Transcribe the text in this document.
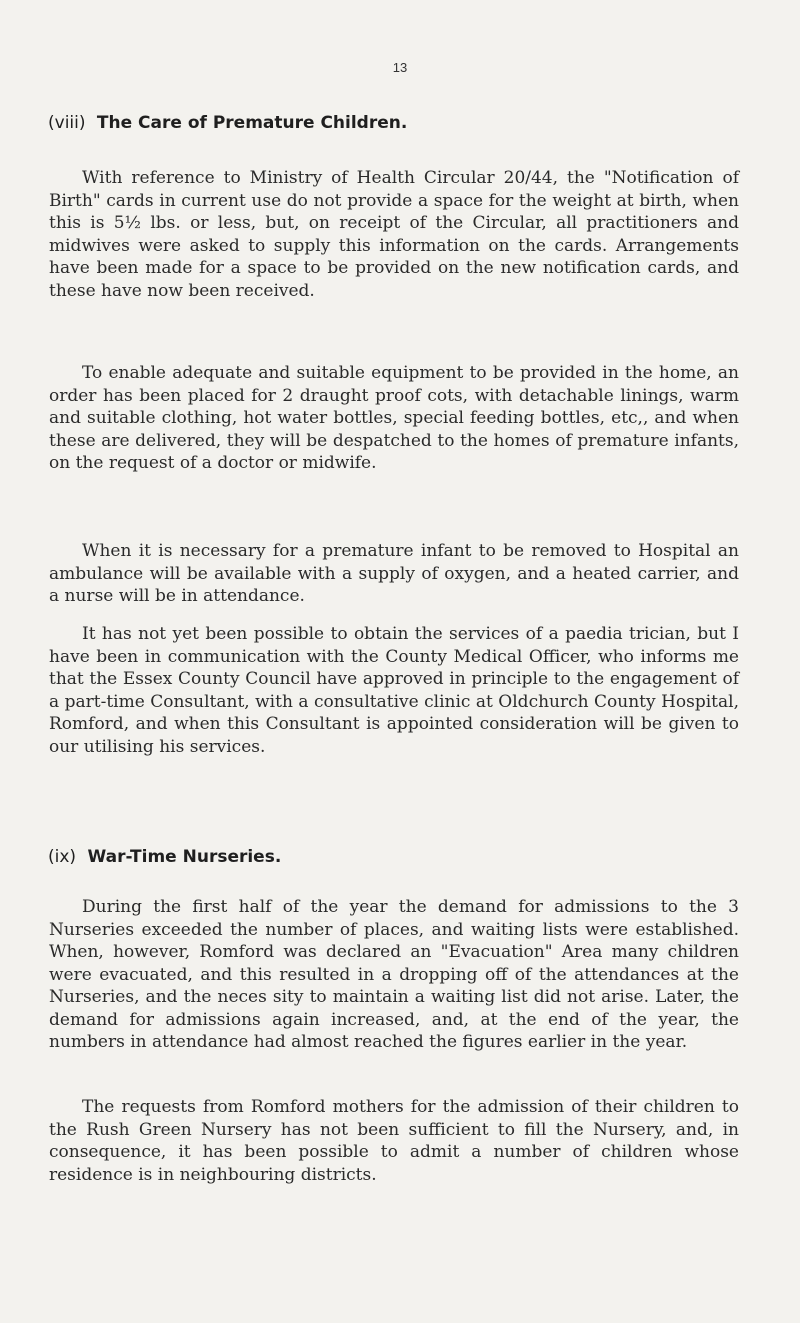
13
(viii) The Care of Premature Children.

With reference to Ministry of Health Circular 20/44, the "Notification of Birth" cards in current use do not provide a space for the weight at birth, when this is 5½ lbs. or less, but, on receipt of the Circular, all practitioners and midwives were asked to supply this information on the cards. Arrangements have been made for a space to be provided on the new notification cards, and these have now been received.

To enable adequate and suitable equipment to be provided in the home, an order has been placed for 2 draught proof cots, with detachable linings, warm and suitable clothing, hot water bottles, special feeding bottles, etc,, and when these are delivered, they will be despatched to the homes of premature infants, on the request of a doctor or midwife.

When it is necessary for a premature infant to be removed to Hospital an ambulance will be available with a supply of oxygen, and a heated carrier, and a nurse will be in attendance.

It has not yet been possible to obtain the services of a paedia trician, but I have been in communication with the County Medical Officer, who informs me that the Essex County Council have approved in principle to the engagement of a part-time Consultant, with a consultative clinic at Oldchurch County Hospital, Romford, and when this Consultant is appointed consideration will be given to our utilising his services.

(ix) War-Time Nurseries.

During the first half of the year the demand for admissions to the 3 Nurseries exceeded the number of places, and waiting lists were established. When, however, Romford was declared an "Evacuation" Area many children were evacuated, and this resulted in a dropping off of the attendances at the Nurseries, and the neces sity to maintain a waiting list did not arise. Later, the demand for admissions again increased, and, at the end of the year, the numbers in attendance had almost reached the figures earlier in the year.

The requests from Romford mothers for the admission of their children to the Rush Green Nursery has not been sufficient to fill the Nursery, and, in consequence, it has been possible to admit a number of children whose residence is in neighbouring districts.
